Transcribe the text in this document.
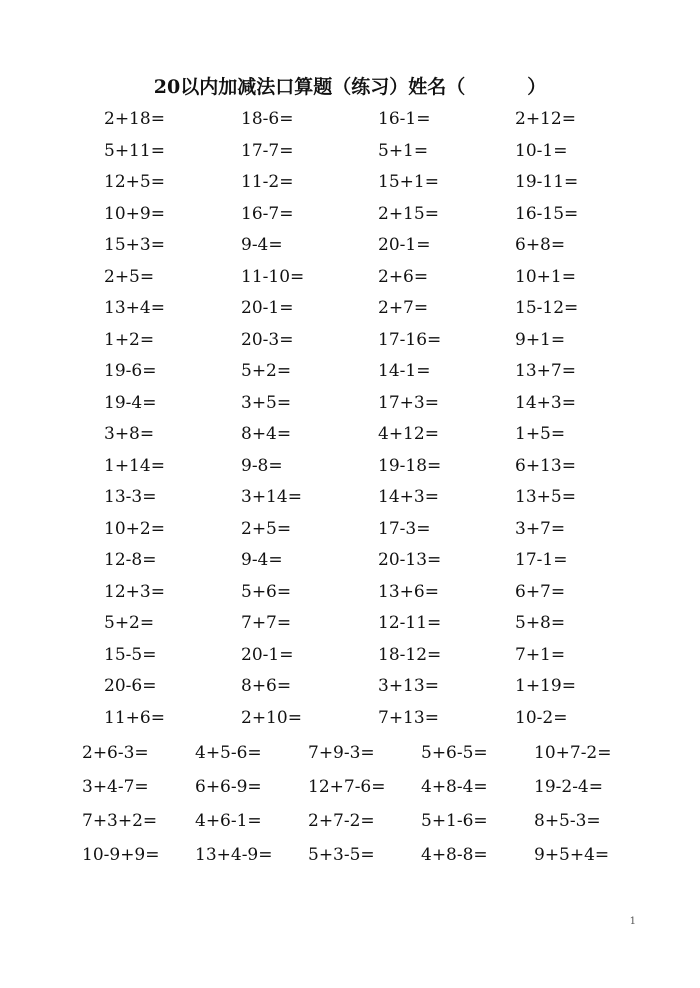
20以内加减法口算题（练习）姓名（	）
2+18=	18-6=	16-1=	2+12=
5+11=	17-7=	5+1=	10-1=
12+5=	11-2=	15+1=	19-11=
10+9=	16-7=	2+15=	16-15=
15+3=	9-4=	20-1=	6+8=
2+5=	11-10=	2+6=	10+1=
13+4=	20-1=	2+7=	15-12=
1+2=	20-3=	17-16=	9+1=
19-6=	5+2=	14-1=	13+7=
19-4=	3+5=	17+3=	14+3=
3+8=	8+4=	4+12=	1+5=
1+14=	9-8=	19-18=	6+13=
13-3=	3+14=	14+3=	13+5=
10+2=	2+5=	17-3=	3+7=
12-8=	9-4=	20-13=	17-1=
12+3=	5+6=	13+6=	6+7=
5+2=	7+7=	12-11=	5+8=
15-5=	20-1=	18-12=	7+1=
20-6=	8+6=	3+13=	1+19=
11+6=	2+10=	7+13=	10-2=
2+6-3=	4+5-6=	7+9-3=	5+6-5=	10+7-2=
3+4-7=	6+6-9=	12+7-6=	4+8-4=	19-2-4=
7+3+2=	4+6-1=	2+7-2=	5+1-6=	8+5-3=
10-9+9=	13+4-9=	5+3-5=	4+8-8=	9+5+4=
1
